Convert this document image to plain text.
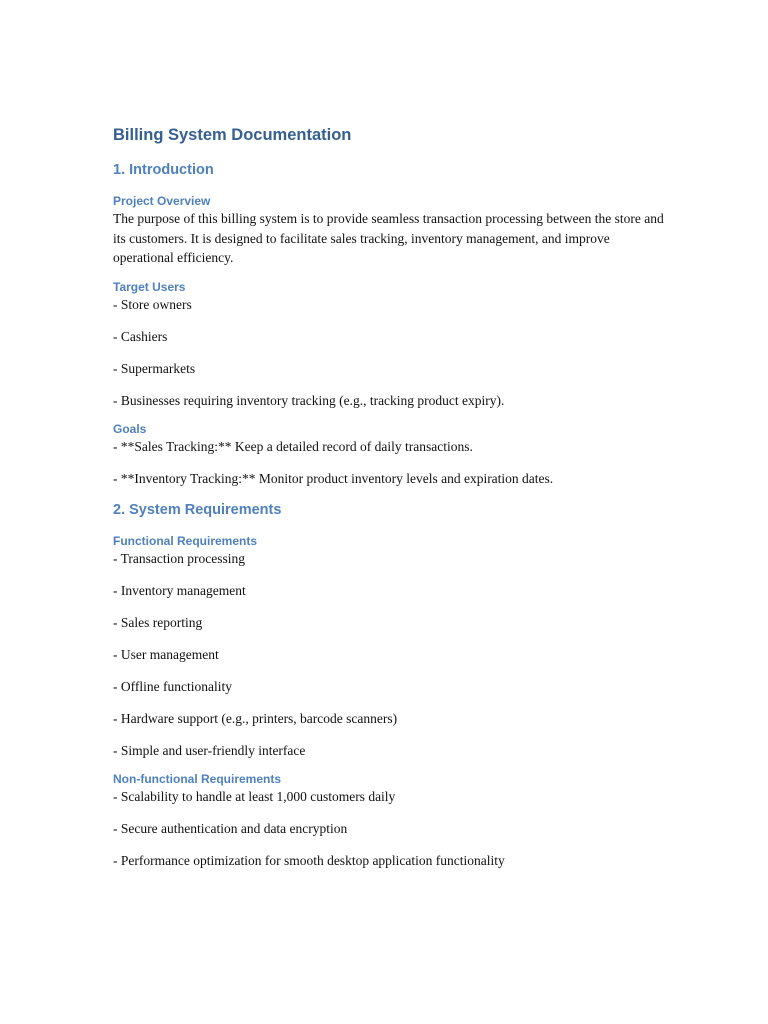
Billing System Documentation
1. Introduction
Project Overview

The purpose of this billing system is to provide seamless transaction processing between the store and its customers. It is designed to facilitate sales tracking, inventory management, and improve operational efficiency.

Target Users
- Store owners
- Cashiers
- Supermarkets
- Businesses requiring inventory tracking (e.g., tracking product expiry).
Goals
- **Sales Tracking:** Keep a detailed record of daily transactions.
- **Inventory Tracking:** Monitor product inventory levels and expiration dates.
2. System Requirements
Functional Requirements
- Transaction processing
- Inventory management
- Sales reporting
- User management
- Offline functionality
- Hardware support (e.g., printers, barcode scanners)
- Simple and user-friendly interface
Non-functional Requirements
- Scalability to handle at least 1,000 customers daily
- Secure authentication and data encryption
- Performance optimization for smooth desktop application functionality
